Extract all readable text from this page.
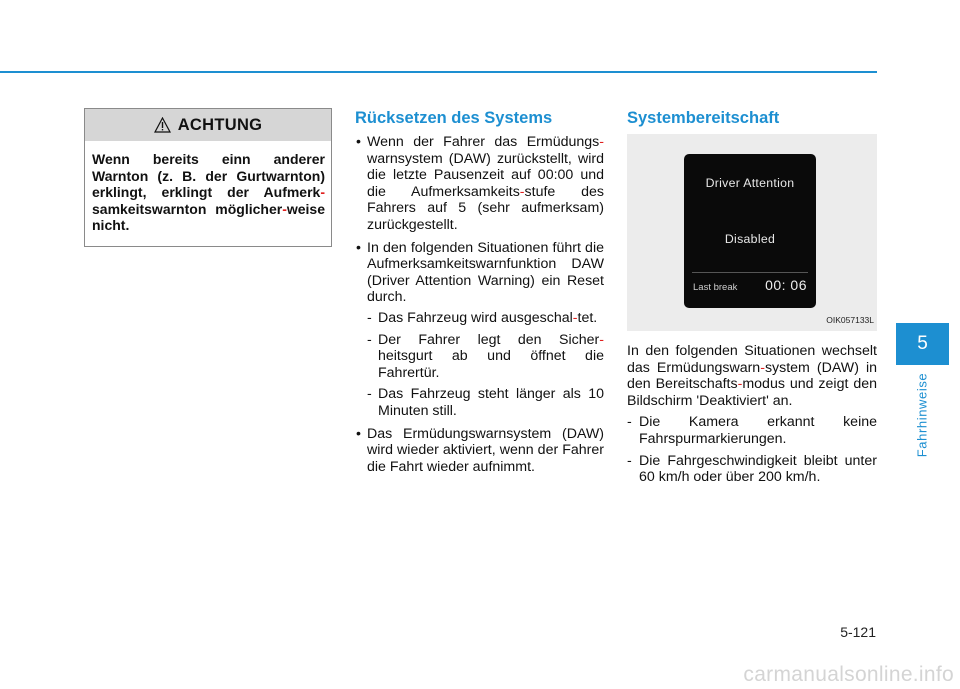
ACHTUNG
Wenn bereits einn anderer Warnton (z. B. der Gurtwarnton) erklingt, erklingt der Aufmerk-samkeitswarnton möglicher-weise nicht.
Rücksetzen des Systems
• Wenn der Fahrer das Ermüdungs-warnsystem (DAW) zurückstellt, wird die letzte Pausenzeit auf 00:00 und die Aufmerksamkeits-stufe des Fahrers auf 5 (sehr aufmerksam) zurückgestellt.
• In den folgenden Situationen führt die Aufmerksamkeitswarnfunktion DAW (Driver Attention Warning) ein Reset durch.
- Das Fahrzeug wird ausgeschal-tet.
- Der Fahrer legt den Sicher-heitsgurt ab und öffnet die Fahrertür.
- Das Fahrzeug steht länger als 10 Minuten still.
• Das Ermüdungswarnsystem (DAW) wird wieder aktiviert, wenn der Fahrer die Fahrt wieder aufnimmt.
Systembereitschaft
Driver Attention
Disabled
Last break 00: 06
OIK057133L

In den folgenden Situationen wechselt das Ermüdungswarn-system (DAW) in den Bereitschafts-modus und zeigt den Bildschirm 'Deaktiviert' an.

- Die Kamera erkannt keine Fahrspurmarkierungen.
- Die Fahrgeschwindigkeit bleibt unter 60 km/h oder über 200 km/h.
5
Fahrhinweise
5-121
carmanualsonline.info
